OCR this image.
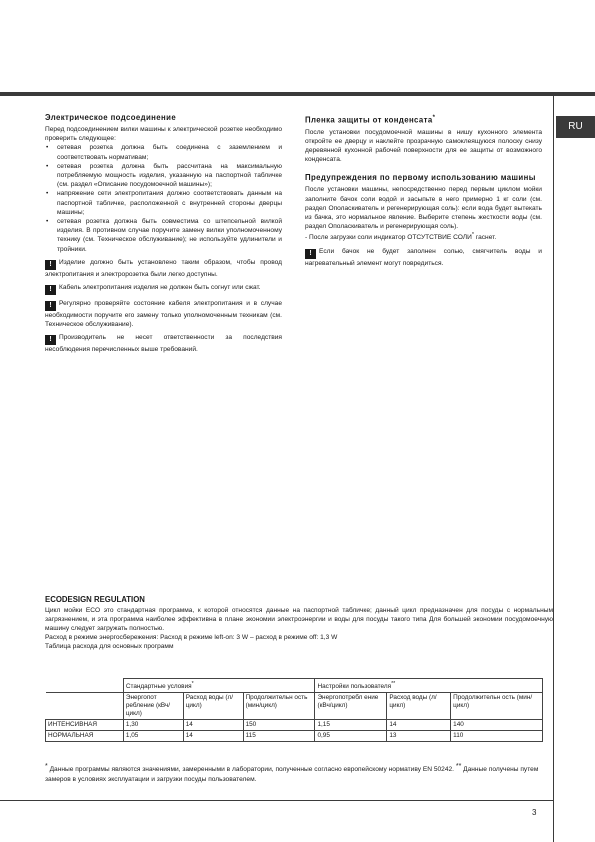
RU
Электрическое подсоединение

Перед подсоединением вилки машины к электрической розетке необходимо проверить следующее:

• сетевая розетка должна быть соединена с заземлением и соответствовать нормативам;
• сетевая розетка должна быть рассчитана на максимальную потребляемую мощность изделия, указанную на паспортной табличке (см. раздел «Описание посудомоечной машины»);
• напряжение сети электропитания должно соответствовать данным на паспортной табличке, расположенной с внутренней стороны дверцы машины;
• сетевая розетка должна быть совместима со штепсельной вилкой изделия. В противном случае поручите замену вилки уполномоченному технику (см. Техническое обслуживание); не используйте удлинители и тройники.

! Изделие должно быть установлено таким образом, чтобы провод электропитания и электророзетка были легко доступны.

! Кабель электропитания изделия не должен быть согнут или сжат.

! Регулярно проверяйте состояние кабеля электропитания и в случае необходимости поручите его замену только уполномоченным техникам (см. Техническое обслуживание).

! Производитель не несет ответственности за последствия несоблюдения перечисленных выше требований.

Пленка защиты от конденсата*

После установки посудомоечной машины в нишу кухонного элемента откройте ее дверцу и наклейте прозрачную самоклеящуюся полоску снизу деревянной кухонной рабочей поверхности для ее защиты от возможного конденсата.

Предупреждения по первому использованию машины

После установки машины, непосредственно перед первым циклом мойки заполните бачок соли водой и засыпьте в него примерно 1 кг соли (см. раздел Ополаскиватель и регенерирующая соль): если вода будет вытекать из бачка, это нормальное явление. Выберите степень жесткости воды (см. раздел Ополаскиватель и регенерирующая соль).

- После загрузки соли индикатор ОТСУТСТВИЕ СОЛИ* гаснет.

! Если бачок не будет заполнен солью, смягчитель воды и нагревательный элемент могут повредиться.

ECODESIGN REGULATION

Цикл мойки ECO это стандартная программа, к которой относятся данные на паспортной табличке; данный цикл предназначен для посуды с нормальным загрязнением, и эта программа наиболее эффективна в плане экономии электроэнергии и воды для посуды такого типа Для большей экономии посудомоечную машину следует загружать полностью.

Расход в режиме энергосбережения: Расход в режиме left-on: 3 W – расход в режиме off: 1,3 W

Таблица расхода для основных программ

	Стандартные условия*			Настройки пользователя**
	Энергопот ребление (кВч/цикл)	Расход воды (л/цикл)	Продолжительн ость (мин/цикл)	Энергопотребл ение (кВч/цикл)	Расход воды (л/цикл)	Продолжительн ость (мин/цикл)
ИНТЕНСИВНАЯ	1,30	14	150	1,15	14	140
НОРМАЛЬНАЯ	1,05	14	115	0,95	13	110
* Данные программы являются значениями, замеренными в лаборатории, полученные согласно европейскому нормативу EN 50242. ** Данные получены путем замеров в условиях эксплуатации и загрузки посуды пользователем.
3
